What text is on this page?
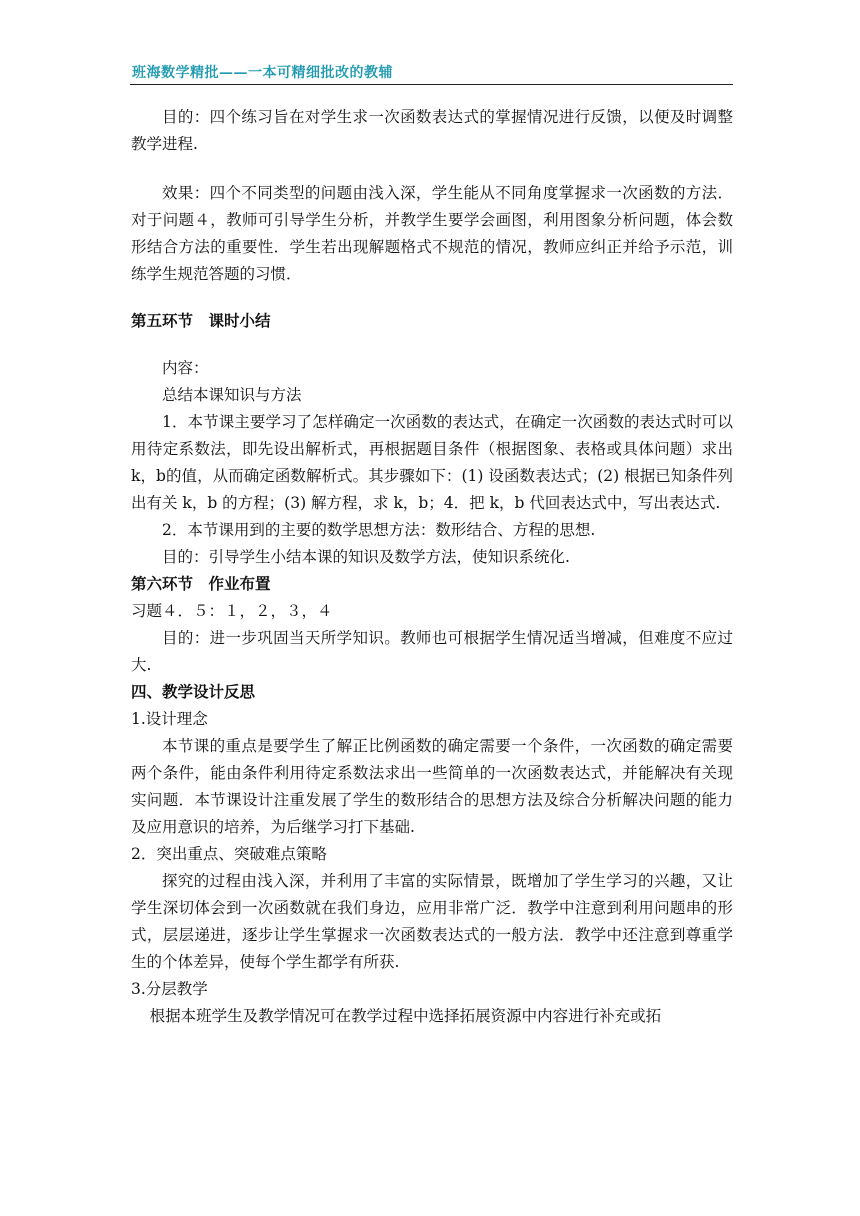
班海数学精批——一本可精细批改的教辅

目的：四个练习旨在对学生求一次函数表达式的掌握情况进行反馈，以便及时调整教学进程.

效果：四个不同类型的问题由浅入深，学生能从不同角度掌握求一次函数的方法．对于问题４，教师可引导学生分析，并教学生要学会画图，利用图象分析问题，体会数形结合方法的重要性．学生若出现解题格式不规范的情况，教师应纠正并给予示范，训练学生规范答题的习惯．

第五环节　课时小结

内容：

总结本课知识与方法

1．本节课主要学习了怎样确定一次函数的表达式，在确定一次函数的表达式时可以用待定系数法，即先设出解析式，再根据题目条件（根据图象、表格或具体问题）求出k，b的值，从而确定函数解析式。其步骤如下：(1) 设函数表达式；(2) 根据已知条件列出有关 k，b 的方程；(3) 解方程，求 k，b；4．把 k，b 代回表达式中，写出表达式.

2．本节课用到的主要的数学思想方法：数形结合、方程的思想.

目的：引导学生小结本课的知识及数学方法，使知识系统化.

第六环节　作业布置

习题４．５：１，２，３，４

目的：进一步巩固当天所学知识。教师也可根据学生情况适当增减，但难度不应过大.

四、教学设计反思

1.设计理念

本节课的重点是要学生了解正比例函数的确定需要一个条件，一次函数的确定需要两个条件，能由条件利用待定系数法求出一些简单的一次函数表达式，并能解决有关现实问题．本节课设计注重发展了学生的数形结合的思想方法及综合分析解决问题的能力及应用意识的培养，为后继学习打下基础.

2．突出重点、突破难点策略

探究的过程由浅入深，并利用了丰富的实际情景，既增加了学生学习的兴趣，又让学生深切体会到一次函数就在我们身边，应用非常广泛．教学中注意到利用问题串的形式，层层递进，逐步让学生掌握求一次函数表达式的一般方法．教学中还注意到尊重学生的个体差异，使每个学生都学有所获.

3.分层教学

根据本班学生及教学情况可在教学过程中选择拓展资源中内容进行补充或拓
